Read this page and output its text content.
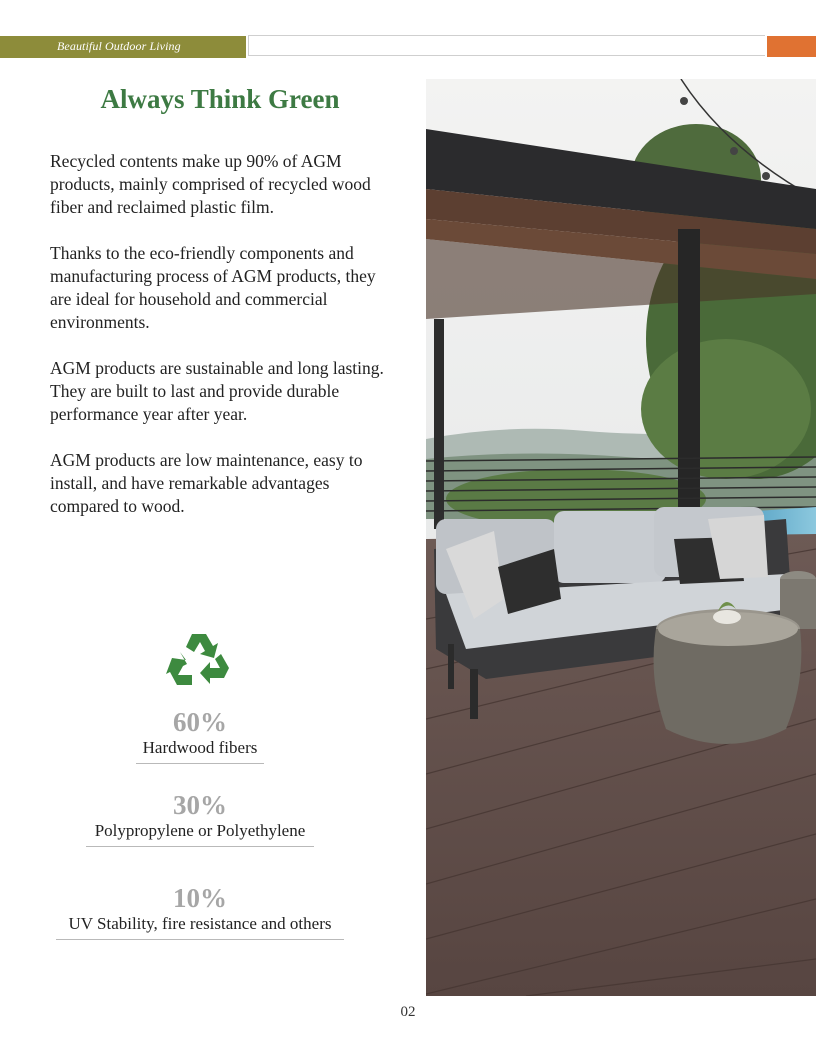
Beautiful Outdoor Living
Always Think Green

Recycled contents make up 90% of AGM products, mainly comprised of recycled wood fiber and reclaimed plastic film.

Thanks to the eco-friendly components and manufacturing process of AGM products, they are ideal for household and commercial environments.

AGM products are sustainable and long lasting. They are built to last and provide durable performance year after year.

AGM products are low maintenance, easy to install, and have remarkable advantages compared to wood.

60%
Hardwood fibers
30%
Polypropylene or Polyethylene
10%
UV Stability, fire resistance and others
02
